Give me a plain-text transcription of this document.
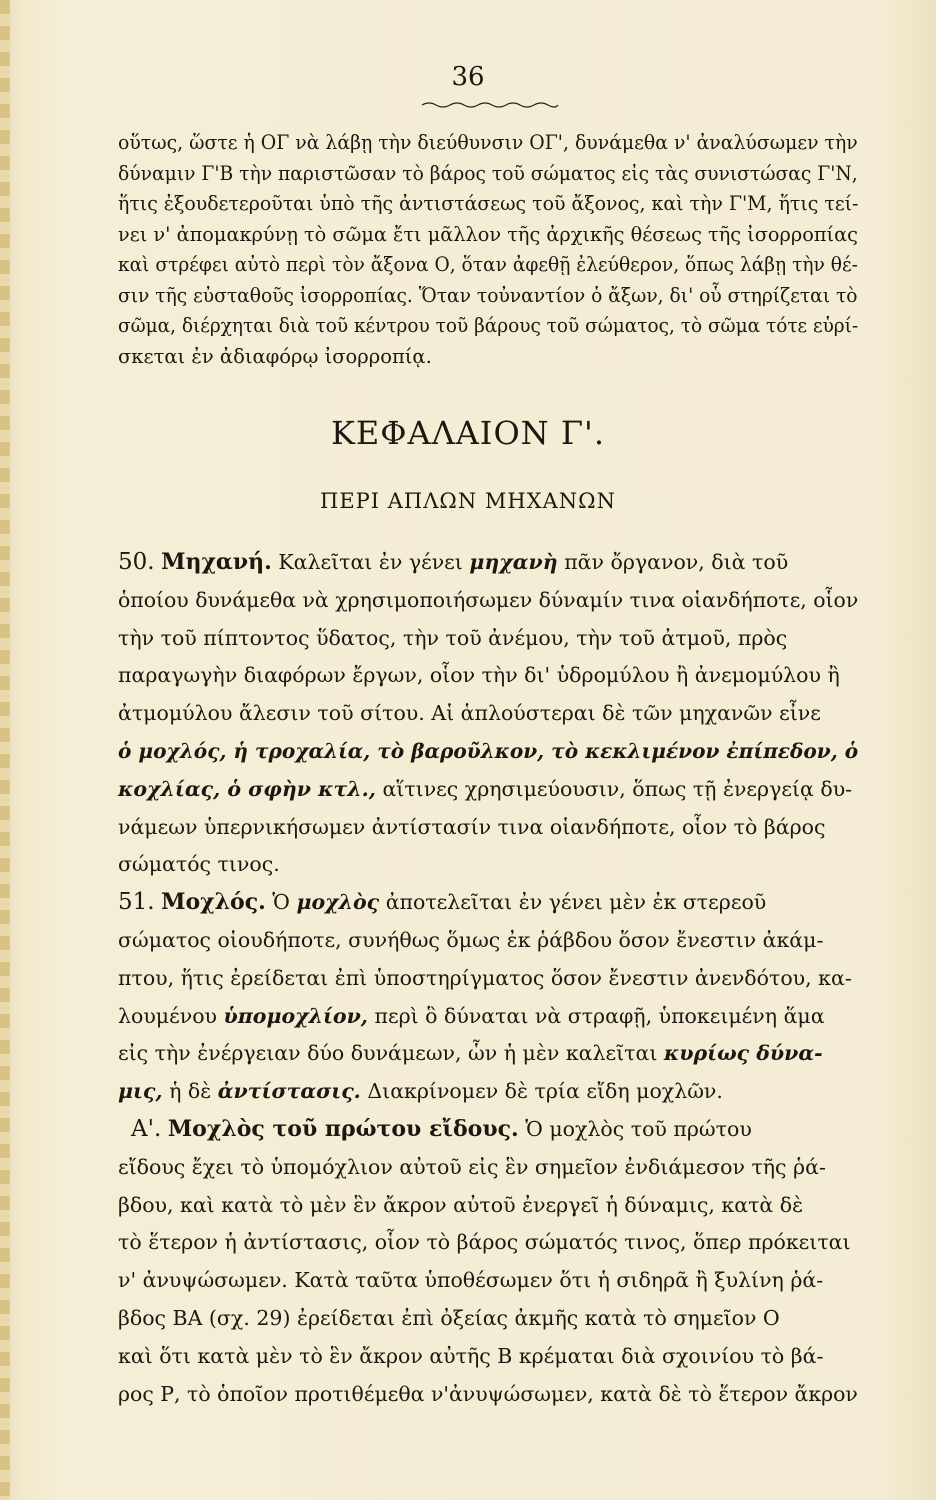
36
οὕτως, ὥστε ἡ ΟΓ νὰ λάβῃ τὴν διεύθυνσιν ΟΓ', δυνάμεθα ν' ἀναλύσωμεν τὴν
δύναμιν Γ'Β τὴν παριστῶσαν τὸ βάρος τοῦ σώματος εἰς τὰς συνιστώσας Γ'Ν,
ἥτις ἐξουδετεροῦται ὑπὸ τῆς ἀντιστάσεως τοῦ ἄξονος, καὶ τὴν Γ'Μ, ἥτις τεί-
νει ν' ἀπομακρύνῃ τὸ σῶμα ἔτι μᾶλλον τῆς ἀρχικῆς θέσεως τῆς ἰσορροπίας
καὶ στρέφει αὐτὸ περὶ τὸν ἄξονα Ο, ὅταν ἀφεθῇ ἐλεύθερον, ὅπως λάβῃ τὴν θέ-
σιν τῆς εὐσταθοῦς ἰσορροπίας. Ὅταν τοὐναντίον ὁ ἄξων, δι' οὗ στηρίζεται τὸ
σῶμα, διέρχηται διὰ τοῦ κέντρου τοῦ βάρους τοῦ σώματος, τὸ σῶμα τότε εὑρί-
σκεται ἐν ἀδιαφόρῳ ἰσορροπίᾳ.
ΚΕΦΑΛΑΙΟΝ Γ'.
ΠΕΡΙ ΑΠΛΩΝ ΜΗΧΑΝΩΝ
50. Μηχανή. Καλεῖται ἐν γένει μηχανὴ πᾶν ὄργανον, διὰ τοῦ
ὁποίου δυνάμεθα νὰ χρησιμοποιήσωμεν δύναμίν τινα οἱανδήποτε, οἷον
τὴν τοῦ πίπτοντος ὕδατος, τὴν τοῦ ἀνέμου, τὴν τοῦ ἀτμοῦ, πρὸς
παραγωγὴν διαφόρων ἔργων, οἷον τὴν δι' ὑδρομύλου ἢ ἀνεμομύλου ἢ
ἀτμομύλου ἄλεσιν τοῦ σίτου. Αἱ ἁπλούστεραι δὲ τῶν μηχανῶν εἶνε
ὁ μοχλός, ἡ τροχαλία, τὸ βαροῦλκον, τὸ κεκλιμένον ἐπίπεδον, ὁ
κοχλίας, ὁ σφὴν κτλ., αἵτινες χρησιμεύουσιν, ὅπως τῇ ἐνεργείᾳ δυ-
νάμεων ὑπερνικήσωμεν ἀντίστασίν τινα οἱανδήποτε, οἷον τὸ βάρος
σώματός τινος.
51. Μοχλός. Ὁ μοχλὸς ἀποτελεῖται ἐν γένει μὲν ἐκ στερεοῦ
σώματος οἱουδήποτε, συνήθως ὅμως ἐκ ῥάβδου ὅσον ἔνεστιν ἀκάμ-
πτου, ἥτις ἐρείδεται ἐπὶ ὑποστηρίγματος ὅσον ἔνεστιν ἀνενδότου, κα-
λουμένου ὑπομοχλίον, περὶ ὃ δύναται νὰ στραφῇ, ὑποκειμένη ἅμα
εἰς τὴν ἐνέργειαν δύο δυνάμεων, ὧν ἡ μὲν καλεῖται κυρίως δύνα-
μις, ἡ δὲ ἀντίστασις. Διακρίνομεν δὲ τρία εἴδη μοχλῶν.
Α'. Μοχλὸς τοῦ πρώτου εἴδους. Ὁ μοχλὸς τοῦ πρώτου
εἴδους ἔχει τὸ ὑπομόχλιον αὐτοῦ εἰς ἓν σημεῖον ἐνδιάμεσον τῆς ῥά-
βδου, καὶ κατὰ τὸ μὲν ἓν ἄκρον αὐτοῦ ἐνεργεῖ ἡ δύναμις, κατὰ δὲ
τὸ ἕτερον ἡ ἀντίστασις, οἷον τὸ βάρος σώματός τινος, ὅπερ πρόκειται
ν' ἀνυψώσωμεν. Κατὰ ταῦτα ὑποθέσωμεν ὅτι ἡ σιδηρᾶ ἢ ξυλίνη ῥά-
βδος ΒΑ (σχ. 29) ἐρείδεται ἐπὶ ὀξείας ἀκμῆς κατὰ τὸ σημεῖον Ο
καὶ ὅτι κατὰ μὲν τὸ ἓν ἄκρον αὐτῆς Β κρέμαται διὰ σχοινίου τὸ βά-
ρος Ρ, τὸ ὁποῖον προτιθέμεθα ν'ἀνυψώσωμεν, κατὰ δὲ τὸ ἕτερον ἄκρον
